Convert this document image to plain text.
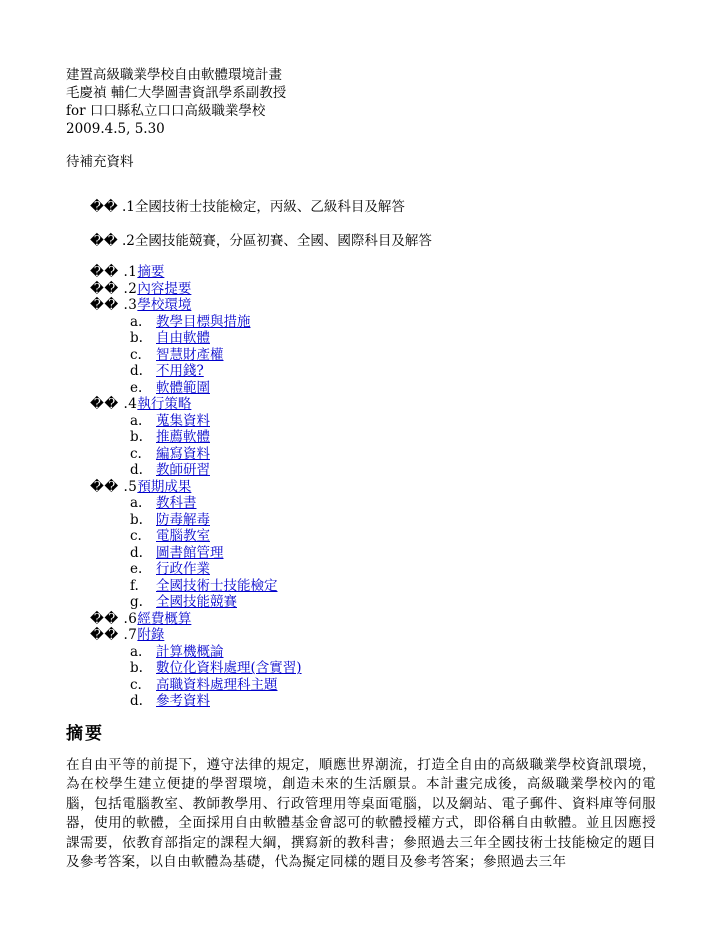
建置高級職業學校自由軟體環境計畫
毛慶禎 輔仁大學圖書資訊學系副教授
for 口口縣私立口口高級職業學校
2009.4.5, 5.30
待補充資料
�� .1全國技術士技能檢定，丙級、乙級科目及解答
�� .2全國技能競賽，分區初賽、全國、國際科目及解答
�� .1摘要
�� .2內容提要
�� .3學校環境
a. 教學目標與措施
b. 自由軟體
c. 智慧財產權
d. 不用錢?
e. 軟體範圍
�� .4執行策略
a. 蒐集資料
b. 推薦軟體
c. 編寫資料
d. 教師研習
�� .5預期成果
a. 教科書
b. 防毒解毒
c. 電腦教室
d. 圖書館管理
e. 行政作業
f. 全國技術士技能檢定
g. 全國技能競賽
�� .6經費概算
�� .7附錄
a. 計算機概論
b. 數位化資料處理(含實習)
c. 高職資料處理科主題
d. 參考資料
摘要
在自由平等的前提下，遵守法律的規定，順應世界潮流，打造全自由的高級職業學校資訊環境，為在校學生建立便捷的學習環境，創造未來的生活願景。本計畫完成後，高級職業學校內的電腦，包括電腦教室、教師教學用、行政管理用等桌面電腦，以及網站、電子郵件、資料庫等伺服器，使用的軟體，全面採用自由軟體基金會認可的軟體授權方式，即俗稱自由軟體。並且因應授課需要，依教育部指定的課程大綱，撰寫新的教科書；參照過去三年全國技術士技能檢定的題目及參考答案，以自由軟體為基礎，代為擬定同樣的題目及參考答案；參照過去三年
